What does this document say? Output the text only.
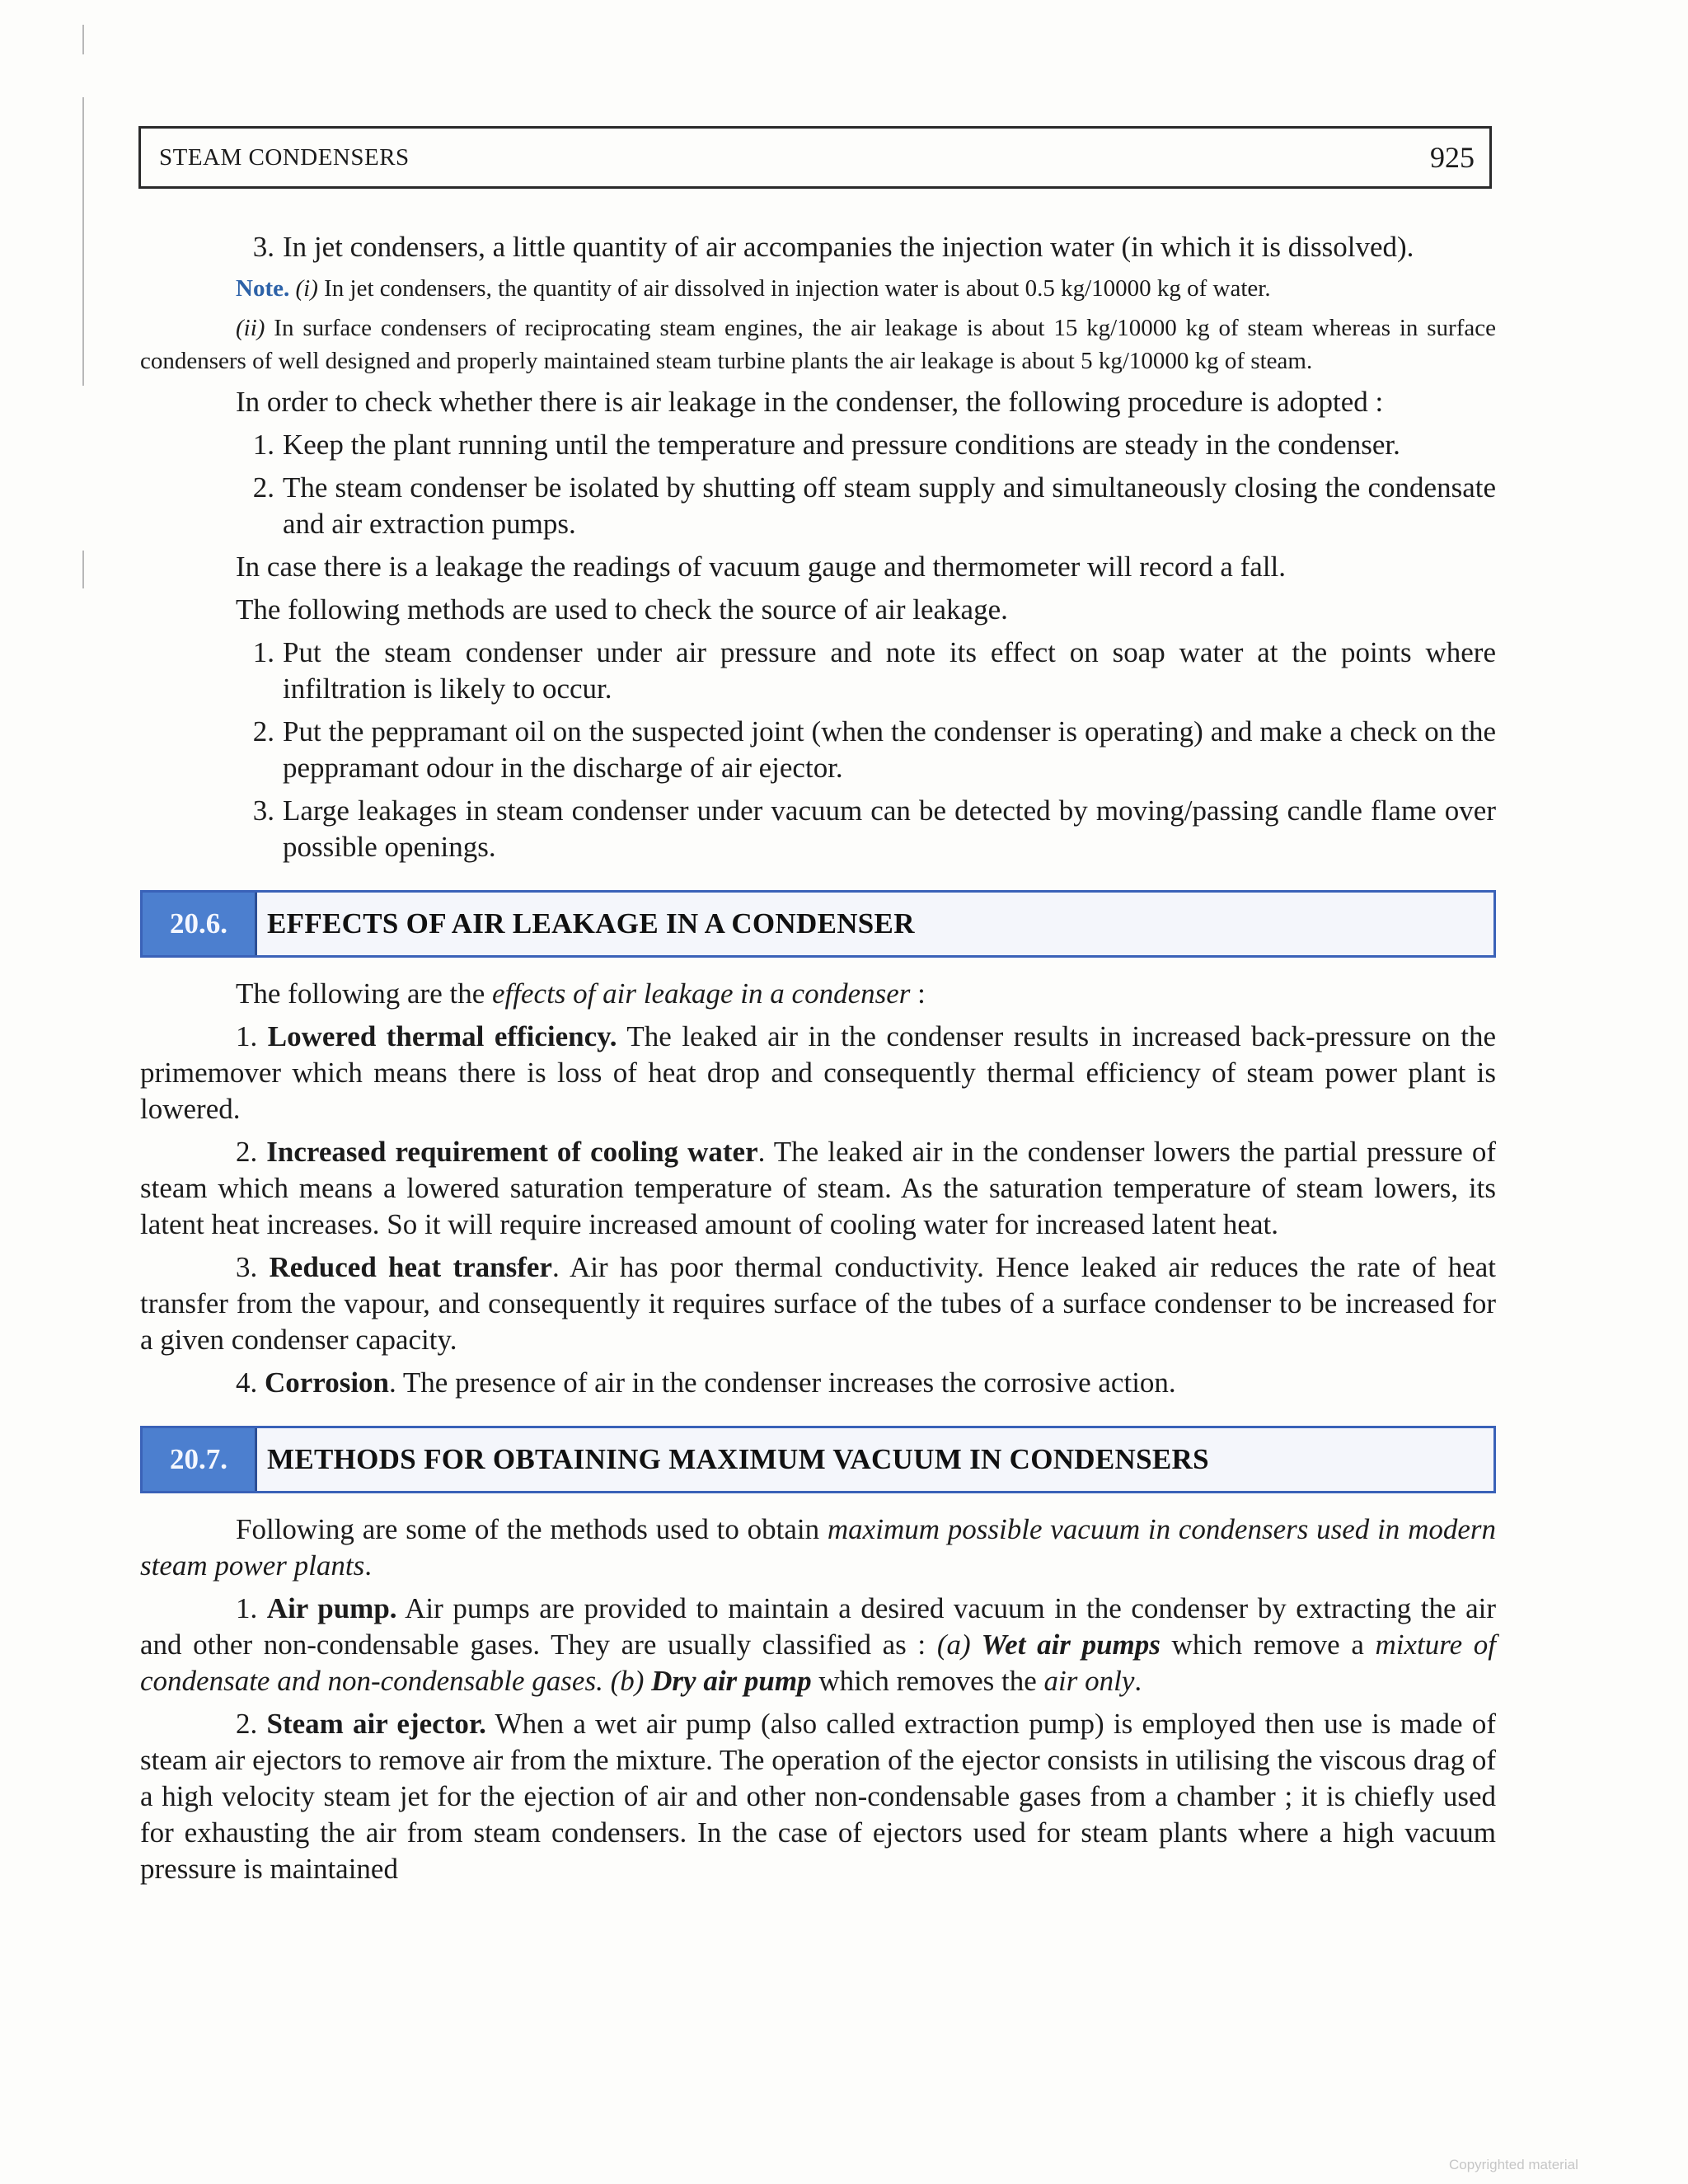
STEAM CONDENSERS	925
3. In jet condensers, a little quantity of air accompanies the injection water (in which it is dissolved).

Note. (i) In jet condensers, the quantity of air dissolved in injection water is about 0.5 kg/10000 kg of water.

(ii) In surface condensers of reciprocating steam engines, the air leakage is about 15 kg/10000 kg of steam whereas in surface condensers of well designed and properly maintained steam turbine plants the air leakage is about 5 kg/10000 kg of steam.

In order to check whether there is air leakage in the condenser, the following procedure is adopted :

1. Keep the plant running until the temperature and pressure conditions are steady in the condenser.
2. The steam condenser be isolated by shutting off steam supply and simultaneously closing the condensate and air extraction pumps.

In case there is a leakage the readings of vacuum gauge and thermometer will record a fall.

The following methods are used to check the source of air leakage.

1. Put the steam condenser under air pressure and note its effect on soap water at the points where infiltration is likely to occur.
2. Put the peppramant oil on the suspected joint (when the condenser is operating) and make a check on the peppramant odour in the discharge of air ejector.
3. Large leakages in steam condenser under vacuum can be detected by moving/passing candle flame over possible openings.
20.6.	EFFECTS OF AIR LEAKAGE IN A CONDENSER

The following are the effects of air leakage in a condenser :

1. Lowered thermal efficiency. The leaked air in the condenser results in increased back-pressure on the primemover which means there is loss of heat drop and consequently thermal efficiency of steam power plant is lowered.

2. Increased requirement of cooling water. The leaked air in the condenser lowers the partial pressure of steam which means a lowered saturation temperature of steam. As the saturation temperature of steam lowers, its latent heat increases. So it will require increased amount of cooling water for increased latent heat.

3. Reduced heat transfer. Air has poor thermal conductivity. Hence leaked air reduces the rate of heat transfer from the vapour, and consequently it requires surface of the tubes of a surface condenser to be increased for a given condenser capacity.

4. Corrosion. The presence of air in the condenser increases the corrosive action.

20.7.	METHODS FOR OBTAINING MAXIMUM VACUUM IN CONDENSERS

Following are some of the methods used to obtain maximum possible vacuum in condensers used in modern steam power plants.

1. Air pump. Air pumps are provided to maintain a desired vacuum in the condenser by extracting the air and other non-condensable gases. They are usually classified as : (a) Wet air pumps which remove a mixture of condensate and non-condensable gases. (b) Dry air pump which removes the air only.

2. Steam air ejector. When a wet air pump (also called extraction pump) is employed then use is made of steam air ejectors to remove air from the mixture. The operation of the ejector consists in utilising the viscous drag of a high velocity steam jet for the ejection of air and other non-condensable gases from a chamber ; it is chiefly used for exhausting the air from steam condensers. In the case of ejectors used for steam plants where a high vacuum pressure is maintained

Copyrighted material
